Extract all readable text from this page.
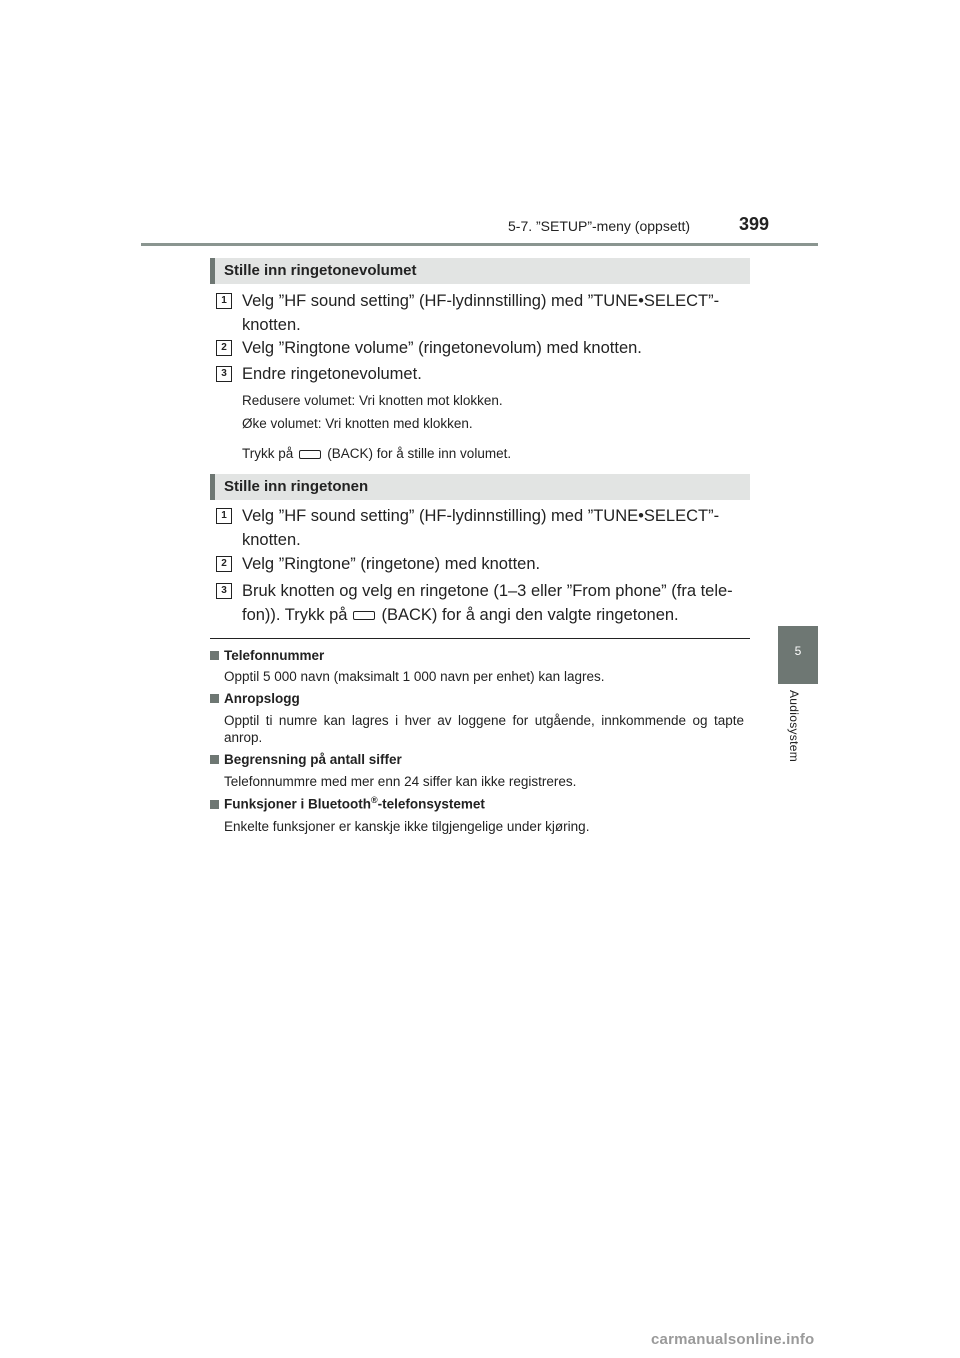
5-7. ”SETUP”-meny (oppsett)	399
5
Audiosystem
Stille inn ringetonevolumet
1 Velg ”HF sound setting” (HF-lydinnstilling) med ”TUNE•SELECT”-
knotten.
2 Velg ”Ringtone volume” (ringetonevolum) med knotten.
3 Endre ringetonevolumet.
Redusere volumet: Vri knotten mot klokken.
Øke volumet: Vri knotten med klokken.
Trykk på	(BACK) for å stille inn volumet.
Stille inn ringetonen
1 Velg ”HF sound setting” (HF-lydinnstilling) med ”TUNE•SELECT”-
knotten.
2 Velg ”Ringtone” (ringetone) med knotten.
3 Bruk knotten og velg en ringetone (1–3 eller ”From phone” (fra tele-
fon)). Trykk på (BACK) for å angi den valgte ringetonen.
Telefonnummer
Opptil 5 000 navn (maksimalt 1 000 navn per enhet) kan lagres.
Anropslogg
Opptil ti numre kan lagres i hver av loggene for utgående, innkommende og tapte anrop.
Begrensning på antall siffer
Telefonnummre med mer enn 24 siffer kan ikke registreres.
Funksjoner i Bluetooth®-telefonsystemet
Enkelte funksjoner er kanskje ikke tilgjengelige under kjøring.
carmanualsonline.info
